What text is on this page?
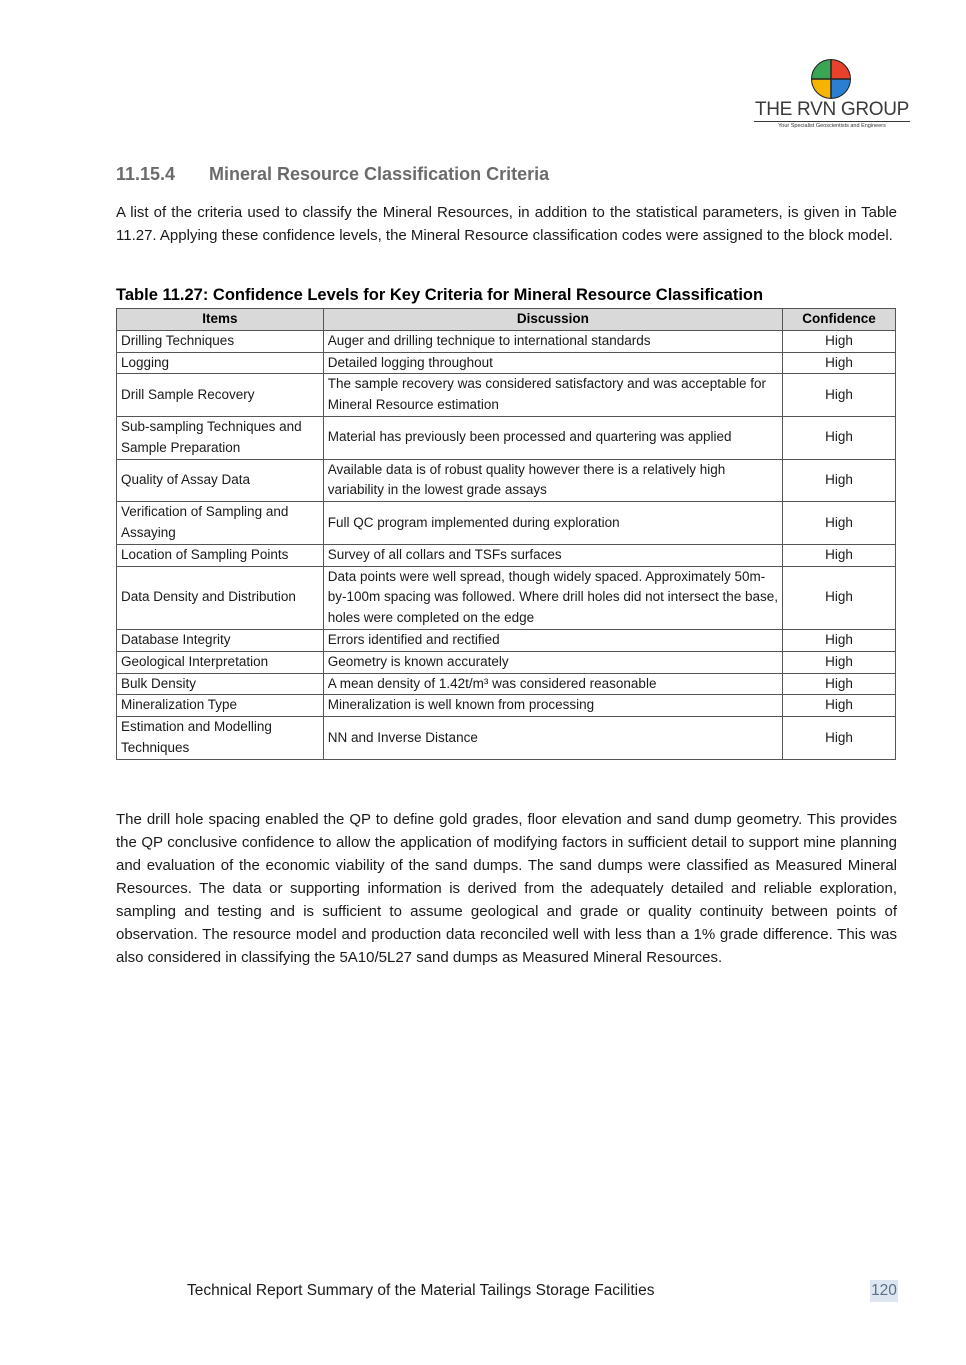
THE RVN GROUP
Your Specialist Geoscientists and Engineers
11.15.4 Mineral Resource Classification Criteria

A list of the criteria used to classify the Mineral Resources, in addition to the statistical parameters, is given in Table 11.27. Applying these confidence levels, the Mineral Resource classification codes were assigned to the block model.

Table 11.27: Confidence Levels for Key Criteria for Mineral Resource Classification

Items	Discussion	Confidence
Drilling Techniques	Auger and drilling technique to international standards	High
Logging	Detailed logging throughout	High
Drill Sample Recovery	The sample recovery was considered satisfactory and was acceptable for Mineral Resource estimation	High
Sub-sampling Techniques and Sample Preparation	Material has previously been processed and quartering was applied	High
Quality of Assay Data	Available data is of robust quality however there is a relatively high variability in the lowest grade assays	High
Verification of Sampling and Assaying	Full QC program implemented during exploration	High
Location of Sampling Points	Survey of all collars and TSFs surfaces	High
Data Density and Distribution	Data points were well spread, though widely spaced. Approximately 50m-by-100m spacing was followed. Where drill holes did not intersect the base, holes were completed on the edge	High
Database Integrity	Errors identified and rectified	High
Geological Interpretation	Geometry is known accurately	High
Bulk Density	A mean density of 1.42t/m³ was considered reasonable	High
Mineralization Type	Mineralization is well known from processing	High
Estimation and Modelling Techniques	NN and Inverse Distance	High

The drill hole spacing enabled the QP to define gold grades, floor elevation and sand dump geometry. This provides the QP conclusive confidence to allow the application of modifying factors in sufficient detail to support mine planning and evaluation of the economic viability of the sand dumps. The sand dumps were classified as Measured Mineral Resources. The data or supporting information is derived from the adequately detailed and reliable exploration, sampling and testing and is sufficient to assume geological and grade or quality continuity between points of observation. The resource model and production data reconciled well with less than a 1% grade difference. This was also considered in classifying the 5A10/5L27 sand dumps as Measured Mineral Resources.

Technical Report Summary of the Material Tailings Storage Facilities	120
